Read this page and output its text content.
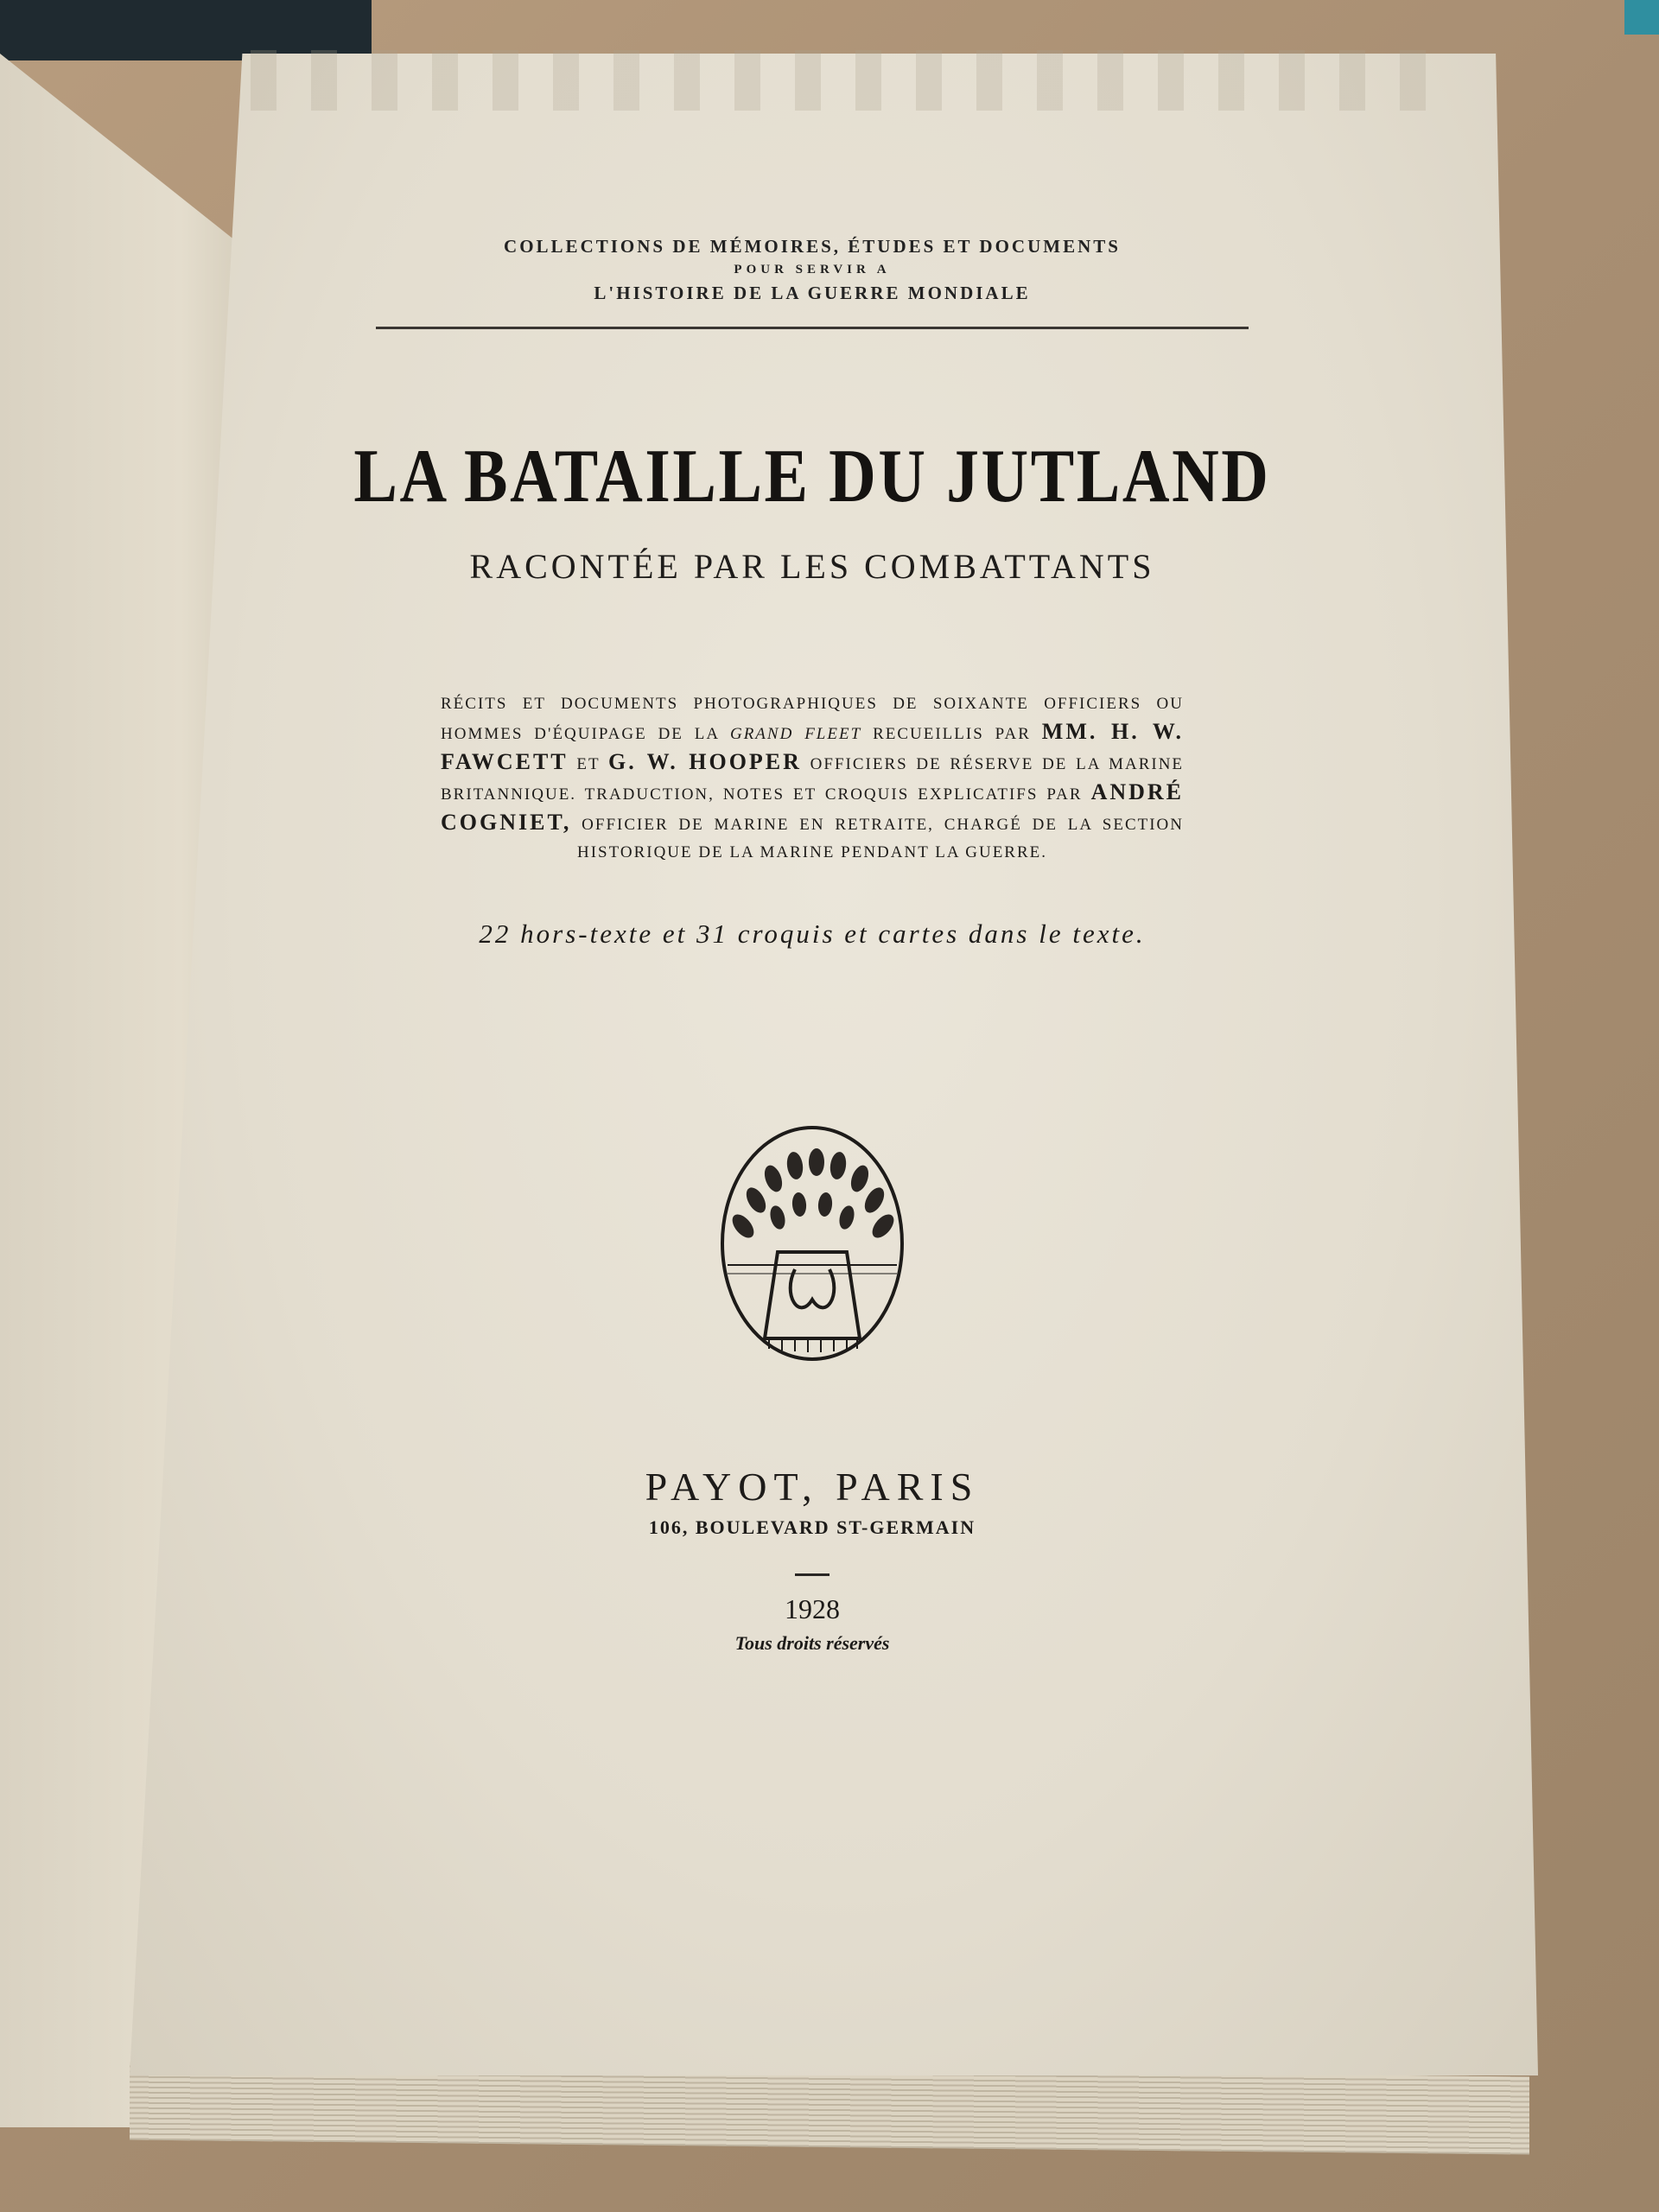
COLLECTIONS DE MÉMOIRES, ÉTUDES ET DOCUMENTS
POUR SERVIR A
L'HISTOIRE DE LA GUERRE MONDIALE
LA BATAILLE DU JUTLAND
RACONTÉE PAR LES COMBATTANTS
RÉCITS ET DOCUMENTS PHOTOGRAPHIQUES DE SOIXANTE OFFICIERS OU HOMMES D'ÉQUIPAGE DE LA GRAND FLEET RECUEILLIS PAR MM. H. W. FAWCETT ET G. W. HOOPER OFFICIERS DE RÉSERVE DE LA MARINE BRITANNIQUE. TRADUCTION, NOTES ET CROQUIS EXPLICATIFS PAR ANDRÉ COGNIET, OFFICIER DE MARINE EN RETRAITE, CHARGÉ DE LA SECTION HISTORIQUE DE LA MARINE PENDANT LA GUERRE.
22 hors-texte et 31 croquis et cartes dans le texte.
PAYOT, PARIS
106, BOULEVARD ST-GERMAIN
1928
Tous droits réservés
